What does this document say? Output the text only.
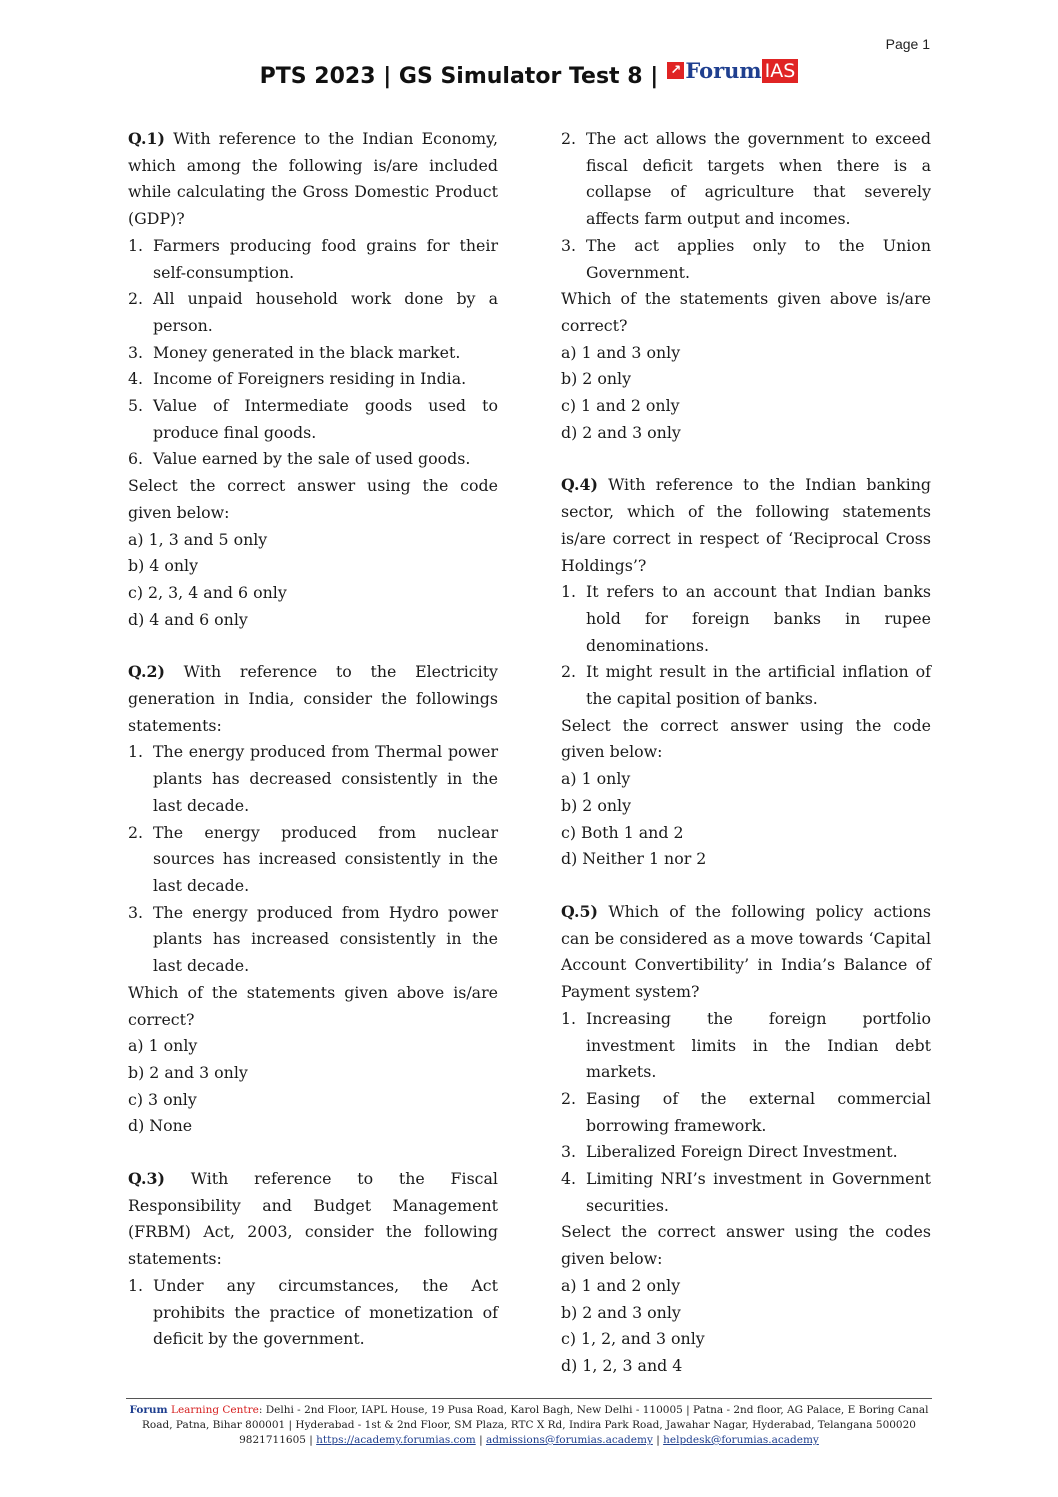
Page 1
PTS 2023 | GS Simulator Test 8 | ↗ Forum IAS

Q.1) With reference to the Indian Economy, which among the following is/are included while calculating the Gross Domestic Product (GDP)?

1. Farmers producing food grains for their self-consumption.
2. All unpaid household work done by a person.
3. Money generated in the black market.
4. Income of Foreigners residing in India.
5. Value of Intermediate goods used to produce final goods.
6. Value earned by the sale of used goods.

Select the correct answer using the code given below:

a) 1, 3 and 5 only
b) 4 only
c) 2, 3, 4 and 6 only
d) 4 and 6 only

Q.2) With reference to the Electricity generation in India, consider the followings statements:

1. The energy produced from Thermal power plants has decreased consistently in the last decade.
2. The energy produced from nuclear sources has increased consistently in the last decade.
3. The energy produced from Hydro power plants has increased consistently in the last decade.

Which of the statements given above is/are correct?

a) 1 only
b) 2 and 3 only
c) 3 only
d) None

Q.3) With reference to the Fiscal Responsibility and Budget Management (FRBM) Act, 2003, consider the following statements:

1. Under any circumstances, the Act prohibits the practice of monetization of deficit by the government.
2. The act allows the government to exceed fiscal deficit targets when there is a collapse of agriculture that severely affects farm output and incomes.
3. The act applies only to the Union Government.

Which of the statements given above is/are correct?

a) 1 and 3 only
b) 2 only
c) 1 and 2 only
d) 2 and 3 only

Q.4) With reference to the Indian banking sector, which of the following statements is/are correct in respect of ‘Reciprocal Cross Holdings’?

1. It refers to an account that Indian banks hold for foreign banks in rupee denominations.
2. It might result in the artificial inflation of the capital position of banks.

Select the correct answer using the code given below:

a) 1 only
b) 2 only
c) Both 1 and 2
d) Neither 1 nor 2

Q.5) Which of the following policy actions can be considered as a move towards ‘Capital Account Convertibility’ in India’s Balance of Payment system?

1. Increasing the foreign portfolio investment limits in the Indian debt markets.
2. Easing of the external commercial borrowing framework.
3. Liberalized Foreign Direct Investment.
4. Limiting NRI’s investment in Government securities.

Select the correct answer using the codes given below:

a) 1 and 2 only
b) 2 and 3 only
c) 1, 2, and 3 only
d) 1, 2, 3 and 4
Forum Learning Centre: Delhi - 2nd Floor, IAPL House, 19 Pusa Road, Karol Bagh, New Delhi - 110005 | Patna - 2nd floor, AG Palace, E Boring Canal Road, Patna, Bihar 800001 | Hyderabad - 1st & 2nd Floor, SM Plaza, RTC X Rd, Indira Park Road, Jawahar Nagar, Hyderabad, Telangana 500020
9821711605 | https://academy.forumias.com | admissions@forumias.academy | helpdesk@forumias.academy
